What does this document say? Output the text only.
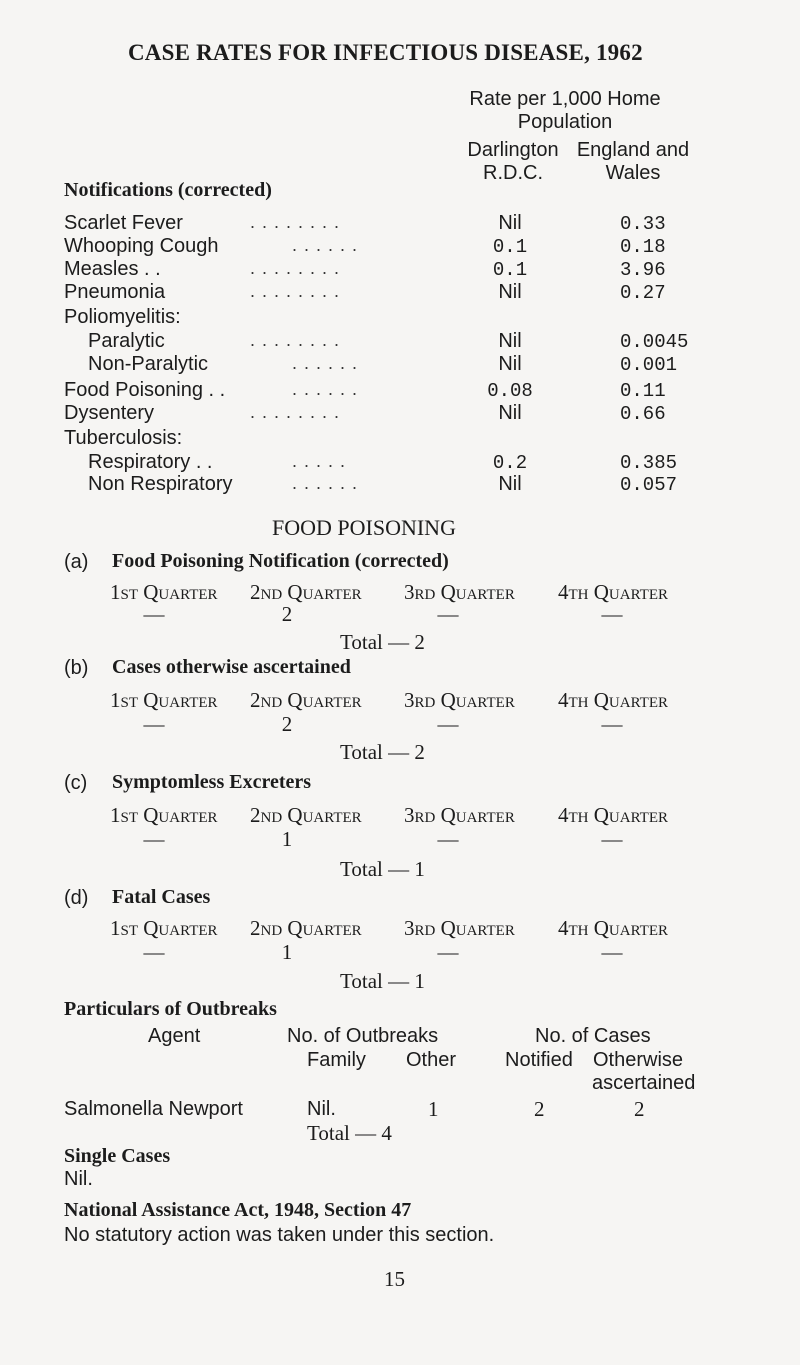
CASE RATES FOR INFECTIOUS DISEASE, 1962
Rate per 1,000 Home
Population
Darlington
R.D.C.
England and
Wales
Notifications (corrected)
Scarlet Fever	. . . . . . . .	Nil	0.33
Whooping Cough	. . . . . .	0.1	0.18
Measles . .	. . . . . . . .	0.1	3.96
Pneumonia	. . . . . . . .	Nil	0.27
Poliomyelitis:
Paralytic	. . . . . . . .	Nil	0.0045
Non-Paralytic	. . . . . .	Nil	0.001
Food Poisoning . .	. . . . . .	0.08	0.11
Dysentery	. . . . . . . .	Nil	0.66
Tuberculosis:
Respiratory . .	. . . . .	0.2	0.385
Non Respiratory	. . . . . .	Nil	0.057
FOOD POISONING
(a) Food Poisoning Notification (corrected)
1st Quarter 2nd Quarter 3rd Quarter 4th Quarter
—	2	—	—
Total — 2
(b) Cases otherwise ascertained
1st Quarter 2nd Quarter 3rd Quarter 4th Quarter
—	2	—	—
Total — 2
(c) Symptomless Excreters
1st Quarter 2nd Quarter 3rd Quarter 4th Quarter
—	1	—	—
Total — 1
(d) Fatal Cases
1st Quarter 2nd Quarter 3rd Quarter 4th Quarter
—	1	—	—
Total — 1
Particulars of Outbreaks
Agent	No. of Outbreaks
Family Other
No. of Cases
Notified Otherwise
ascertained
Salmonella Newport	Nil.	1	2	2
Total — 4
Single Cases
Nil.
National Assistance Act, 1948, Section 47
No statutory action was taken under this section.
15
